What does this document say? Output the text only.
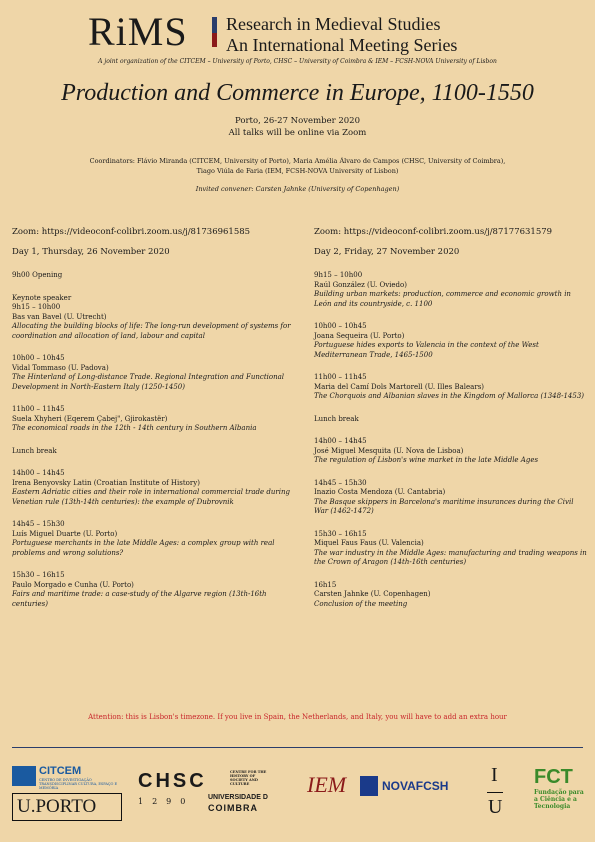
RiMS Research in Medieval Studies
An International Meeting Series
A joint organization of the CITCEM – University of Porto, CHSC – University of Coimbra & IEM – FCSH-NOVA University of Lisbon
Production and Commerce in Europe, 1100-1550
Porto, 26-27 November 2020
All talks will be online via Zoom
Coordinators: Flávio Miranda (CITCEM, University of Porto), Maria Amélia Álvaro de Campos (CHSC, University of Coimbra),
Tiago Viúla de Faria (IEM, FCSH-NOVA University of Lisbon)
Invited convener: Carsten Jahnke (University of Copenhagen)
Zoom: https://videoconf-colibri.zoom.us/j/81736961585
Day 1, Thursday, 26 November 2020
9h00 Opening
Keynote speaker
9h15 – 10h00
Bas van Bavel (U. Utrecht)
Allocating the building blocks of life: The long-run development of systems for coordination and allocation of land, labour and capital
10h00 – 10h45
Vidal Tommaso (U. Padova)
The Hinterland of Long-distance Trade. Regional Integration and Functional Development in North-Eastern Italy (1250-1450)
11h00 – 11h45
Suela Xhyheri (Eqerem Çabej", Gjirokastër)
The economical roads in the 12th - 14th century in Southern Albania
Lunch break
14h00 – 14h45
Irena Benyovsky Latin (Croatian Institute of History)
Eastern Adriatic cities and their role in international commercial trade during Venetian rule (13th-14th centuries): the example of Dubrovnik
14h45 – 15h30
Luís Miguel Duarte (U. Porto)
Portuguese merchants in the late Middle Ages: a complex group with real problems and wrong solutions?
15h30 – 16h15
Paulo Morgado e Cunha (U. Porto)
Fairs and maritime trade: a case-study of the Algarve region (13th-16th centuries)
Zoom: https://videoconf-colibri.zoom.us/j/87177631579
Day 2, Friday, 27 November 2020
9h15 – 10h00
Raúl González (U. Oviedo)
Building urban markets: production, commerce and economic growth in León and its countryside, c. 1100
10h00 – 10h45
Joana Sequeira (U. Porto)
Portuguese hides exports to Valencia in the context of the West Mediterranean Trade, 1465-1500
11h00 – 11h45
Maria del Camí Dols Martorell (U. Illes Balears)
The Chorquois and Albanian slaves in the Kingdom of Mallorca (1348-1453)
Lunch break
14h00 – 14h45
José Miguel Mesquita (U. Nova de Lisboa)
The regulation of Lisbon's wine market in the late Middle Ages
14h45 – 15h30
Inazio Costa Mendoza (U. Cantabria)
The Basque skippers in Barcelona's maritime insurances during the Civil War (1462-1472)
15h30 – 16h15
Miquel Faus Faus (U. Valencia)
The war industry in the Middle Ages: manufacturing and trading weapons in the Crown of Aragon (14th-16th centuries)
16h15
Carsten Jahnke (U. Copenhagen)
Conclusion of the meeting
Attention: this is Lisbon's timezone. If you live in Spain, the Netherlands, and Italy, you will have to add an extra hour
CITCEM
CENTRO DE INVESTIGAÇÃO TRANSDISCIPLINAR CULTURA, ESPAÇO E MEMÓRIA
U.PORTO
CHSC
1290
CENTRE FOR THE HISTORY OF SOCIETY AND CULTURE
UNIVERSIDADE D
COIMBRA
IEM	NOVAFCSH I
U
FCT
Fundação para a Ciência e a Tecnologia
